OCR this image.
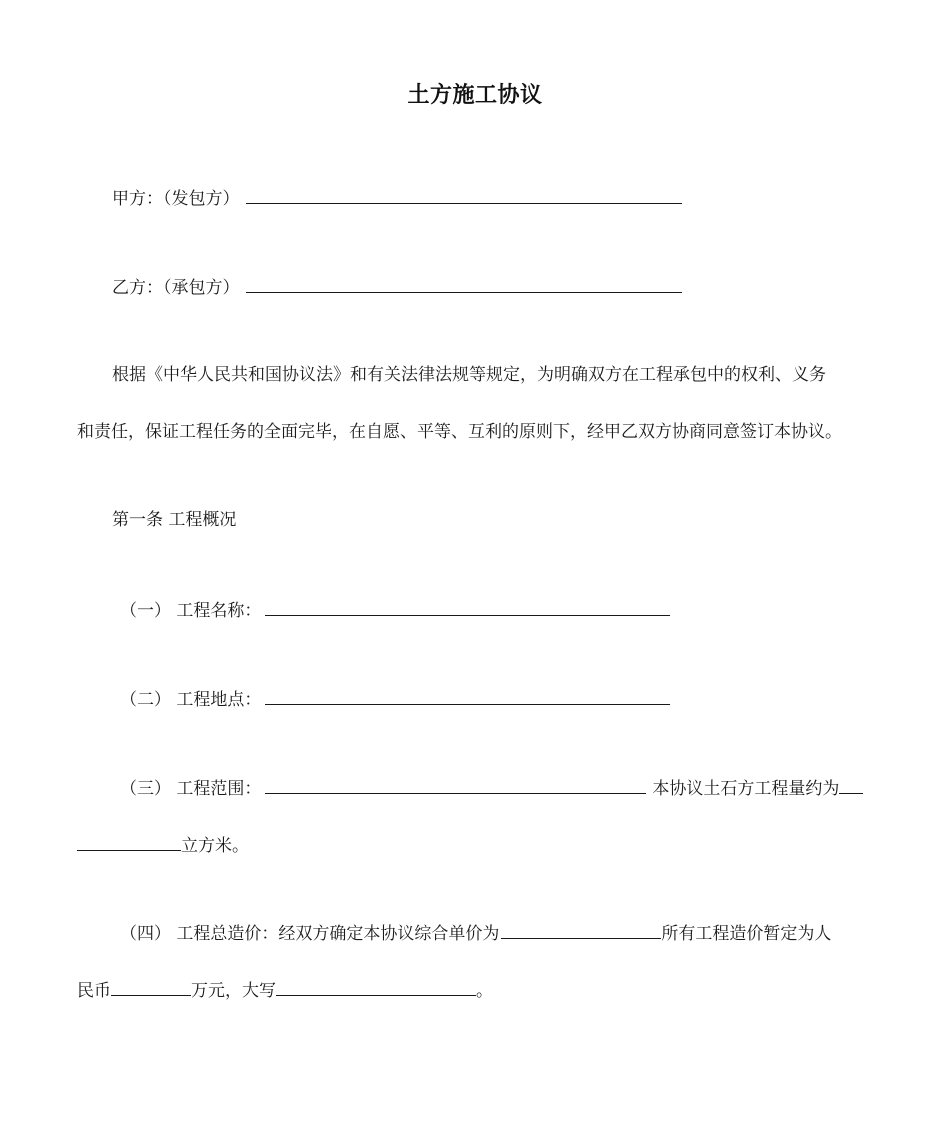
土方施工协议
甲方：（发包方）
乙方：（承包方）
根据《中华人民共和国协议法》和有关法律法规等规定，为明确双方在工程承包中的权利、义务
和责任，保证工程任务的全面完毕，在自愿、平等、互利的原则下，经甲乙双方协商同意签订本协议。
第一条 工程概况
（一） 工程名称：
（二） 工程地点：
（三） 工程范围：	本协议土石方工程量约为
立方米。
（四） 工程总造价：经双方确定本协议综合单价为	所有工程造价暂定为人
民币	万元，大写	。
